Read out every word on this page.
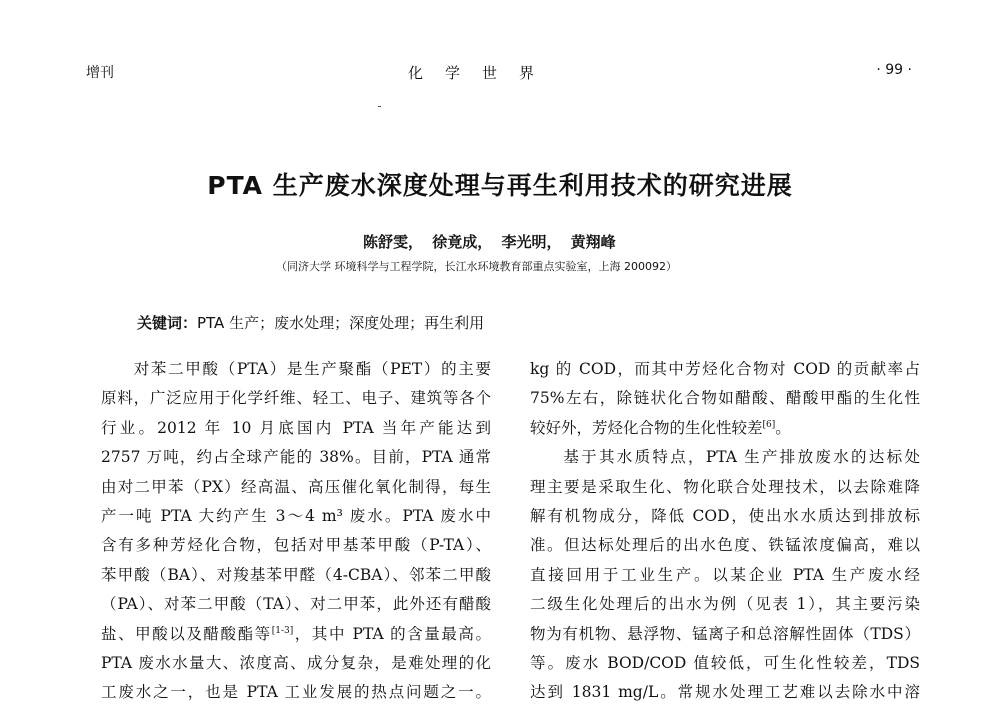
增刊	化学世界	· 99 ·
PTA 生产废水深度处理与再生利用技术的研究进展
陈舒雯， 徐竟成， 李光明， 黄翔峰
（同济大学 环境科学与工程学院，长江水环境教育部重点实验室，上海 200092）
关键词：PTA 生产；废水处理；深度处理；再生利用
对苯二甲酸（PTA）是生产聚酯（PET）的主要
原料，广泛应用于化学纤维、轻工、电子、建筑等各个
行业。2012 年 10 月底国内 PTA 当年产能达到
2757 万吨，约占全球产能的 38%。目前，PTA 通常
由对二甲苯（PX）经高温、高压催化氧化制得，每生
产一吨 PTA 大约产生 3～4 m³ 废水。PTA 废水中
含有多种芳烃化合物，包括对甲基苯甲酸（P-TA）、
苯甲酸（BA）、对羧基苯甲醛（4-CBA）、邻苯二甲酸
（PA）、对苯二甲酸（TA）、对二甲苯，此外还有醋酸
盐、甲酸以及醋酸酯等[1-3]，其中 PTA 的含量最高。
PTA 废水水量大、浓度高、成分复杂，是难处理的化
工废水之一，也是 PTA 工业发展的热点问题之一。
kg 的 COD，而其中芳烃化合物对 COD 的贡献率占
75%左右，除链状化合物如醋酸、醋酸甲酯的生化性
较好外，芳烃化合物的生化性较差[6]。
基于其水质特点，PTA 生产排放废水的达标处
理主要是采取生化、物化联合处理技术，以去除难降
解有机物成分，降低 COD，使出水水质达到排放标
准。但达标处理后的出水色度、铁锰浓度偏高，难以
直接回用于工业生产。以某企业 PTA 生产废水经
二级生化处理后的出水为例（见表 1），其主要污染
物为有机物、悬浮物、锰离子和总溶解性固体（TDS）
等。废水 BOD/COD 值较低，可生化性较差，TDS
达到 1831 mg/L。常规水处理工艺难以去除水中溶
